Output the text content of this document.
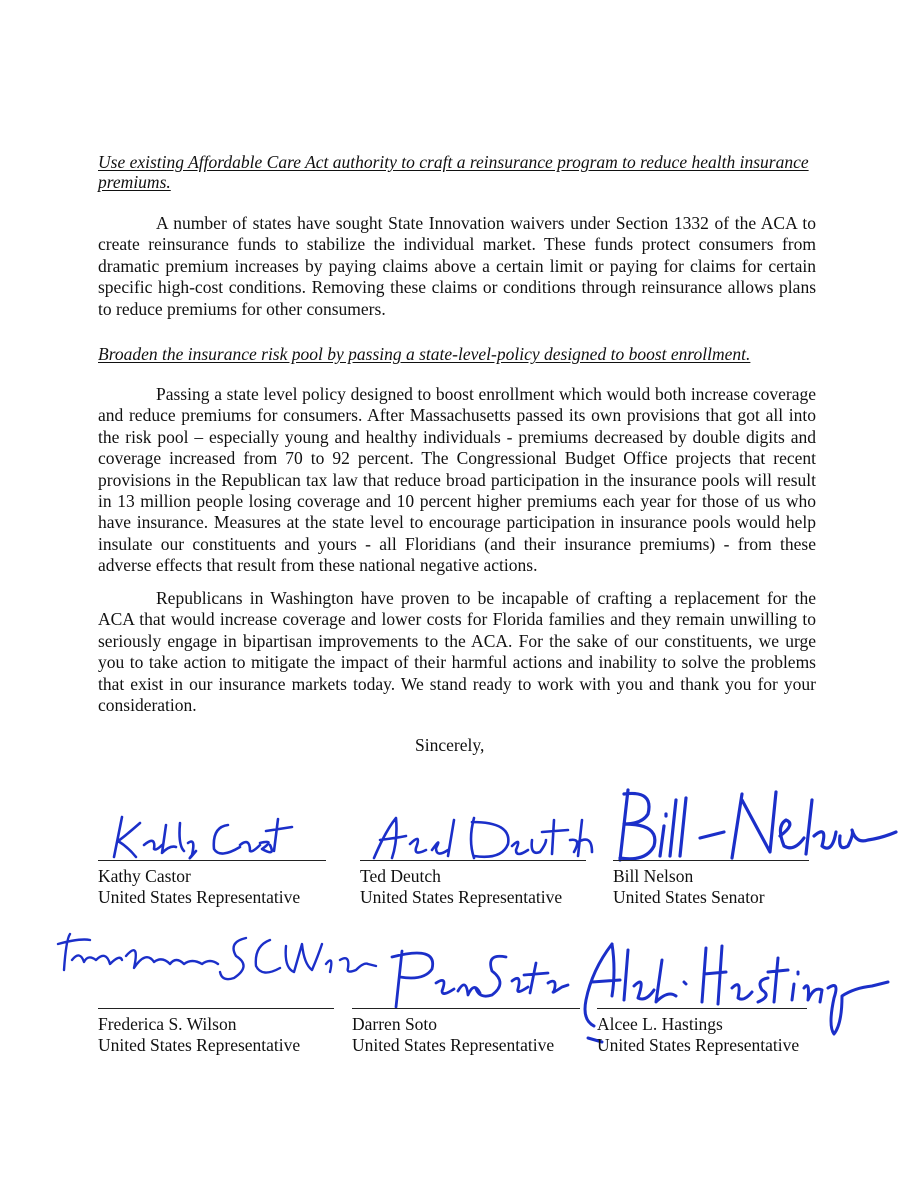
Use existing Affordable Care Act authority to craft a reinsurance program to reduce health insurance premiums.

A number of states have sought State Innovation waivers under Section 1332 of the ACA to create reinsurance funds to stabilize the individual market. These funds protect consumers from dramatic premium increases by paying claims above a certain limit or paying for claims for certain specific high-cost conditions. Removing these claims or conditions through reinsurance allows plans to reduce premiums for other consumers.

Broaden the insurance risk pool by passing a state-level-policy designed to boost enrollment.

Passing a state level policy designed to boost enrollment which would both increase coverage and reduce premiums for consumers. After Massachusetts passed its own provisions that got all into the risk pool – especially young and healthy individuals - premiums decreased by double digits and coverage increased from 70 to 92 percent. The Congressional Budget Office projects that recent provisions in the Republican tax law that reduce broad participation in the insurance pools will result in 13 million people losing coverage and 10 percent higher premiums each year for those of us who have insurance. Measures at the state level to encourage participation in insurance pools would help insulate our constituents and yours - all Floridians (and their insurance premiums) - from these adverse effects that result from these national negative actions.

Republicans in Washington have proven to be incapable of crafting a replacement for the ACA that would increase coverage and lower costs for Florida families and they remain unwilling to seriously engage in bipartisan improvements to the ACA. For the sake of our constituents, we urge you to take action to mitigate the impact of their harmful actions and inability to solve the problems that exist in our insurance markets today. We stand ready to work with you and thank you for your consideration.

Sincerely,
Kathy Castor
United States Representative
Ted Deutch
United States Representative
Bill Nelson
United States Senator
Frederica S. Wilson
United States Representative
Darren Soto
United States Representative
Alcee L. Hastings
United States Representative
